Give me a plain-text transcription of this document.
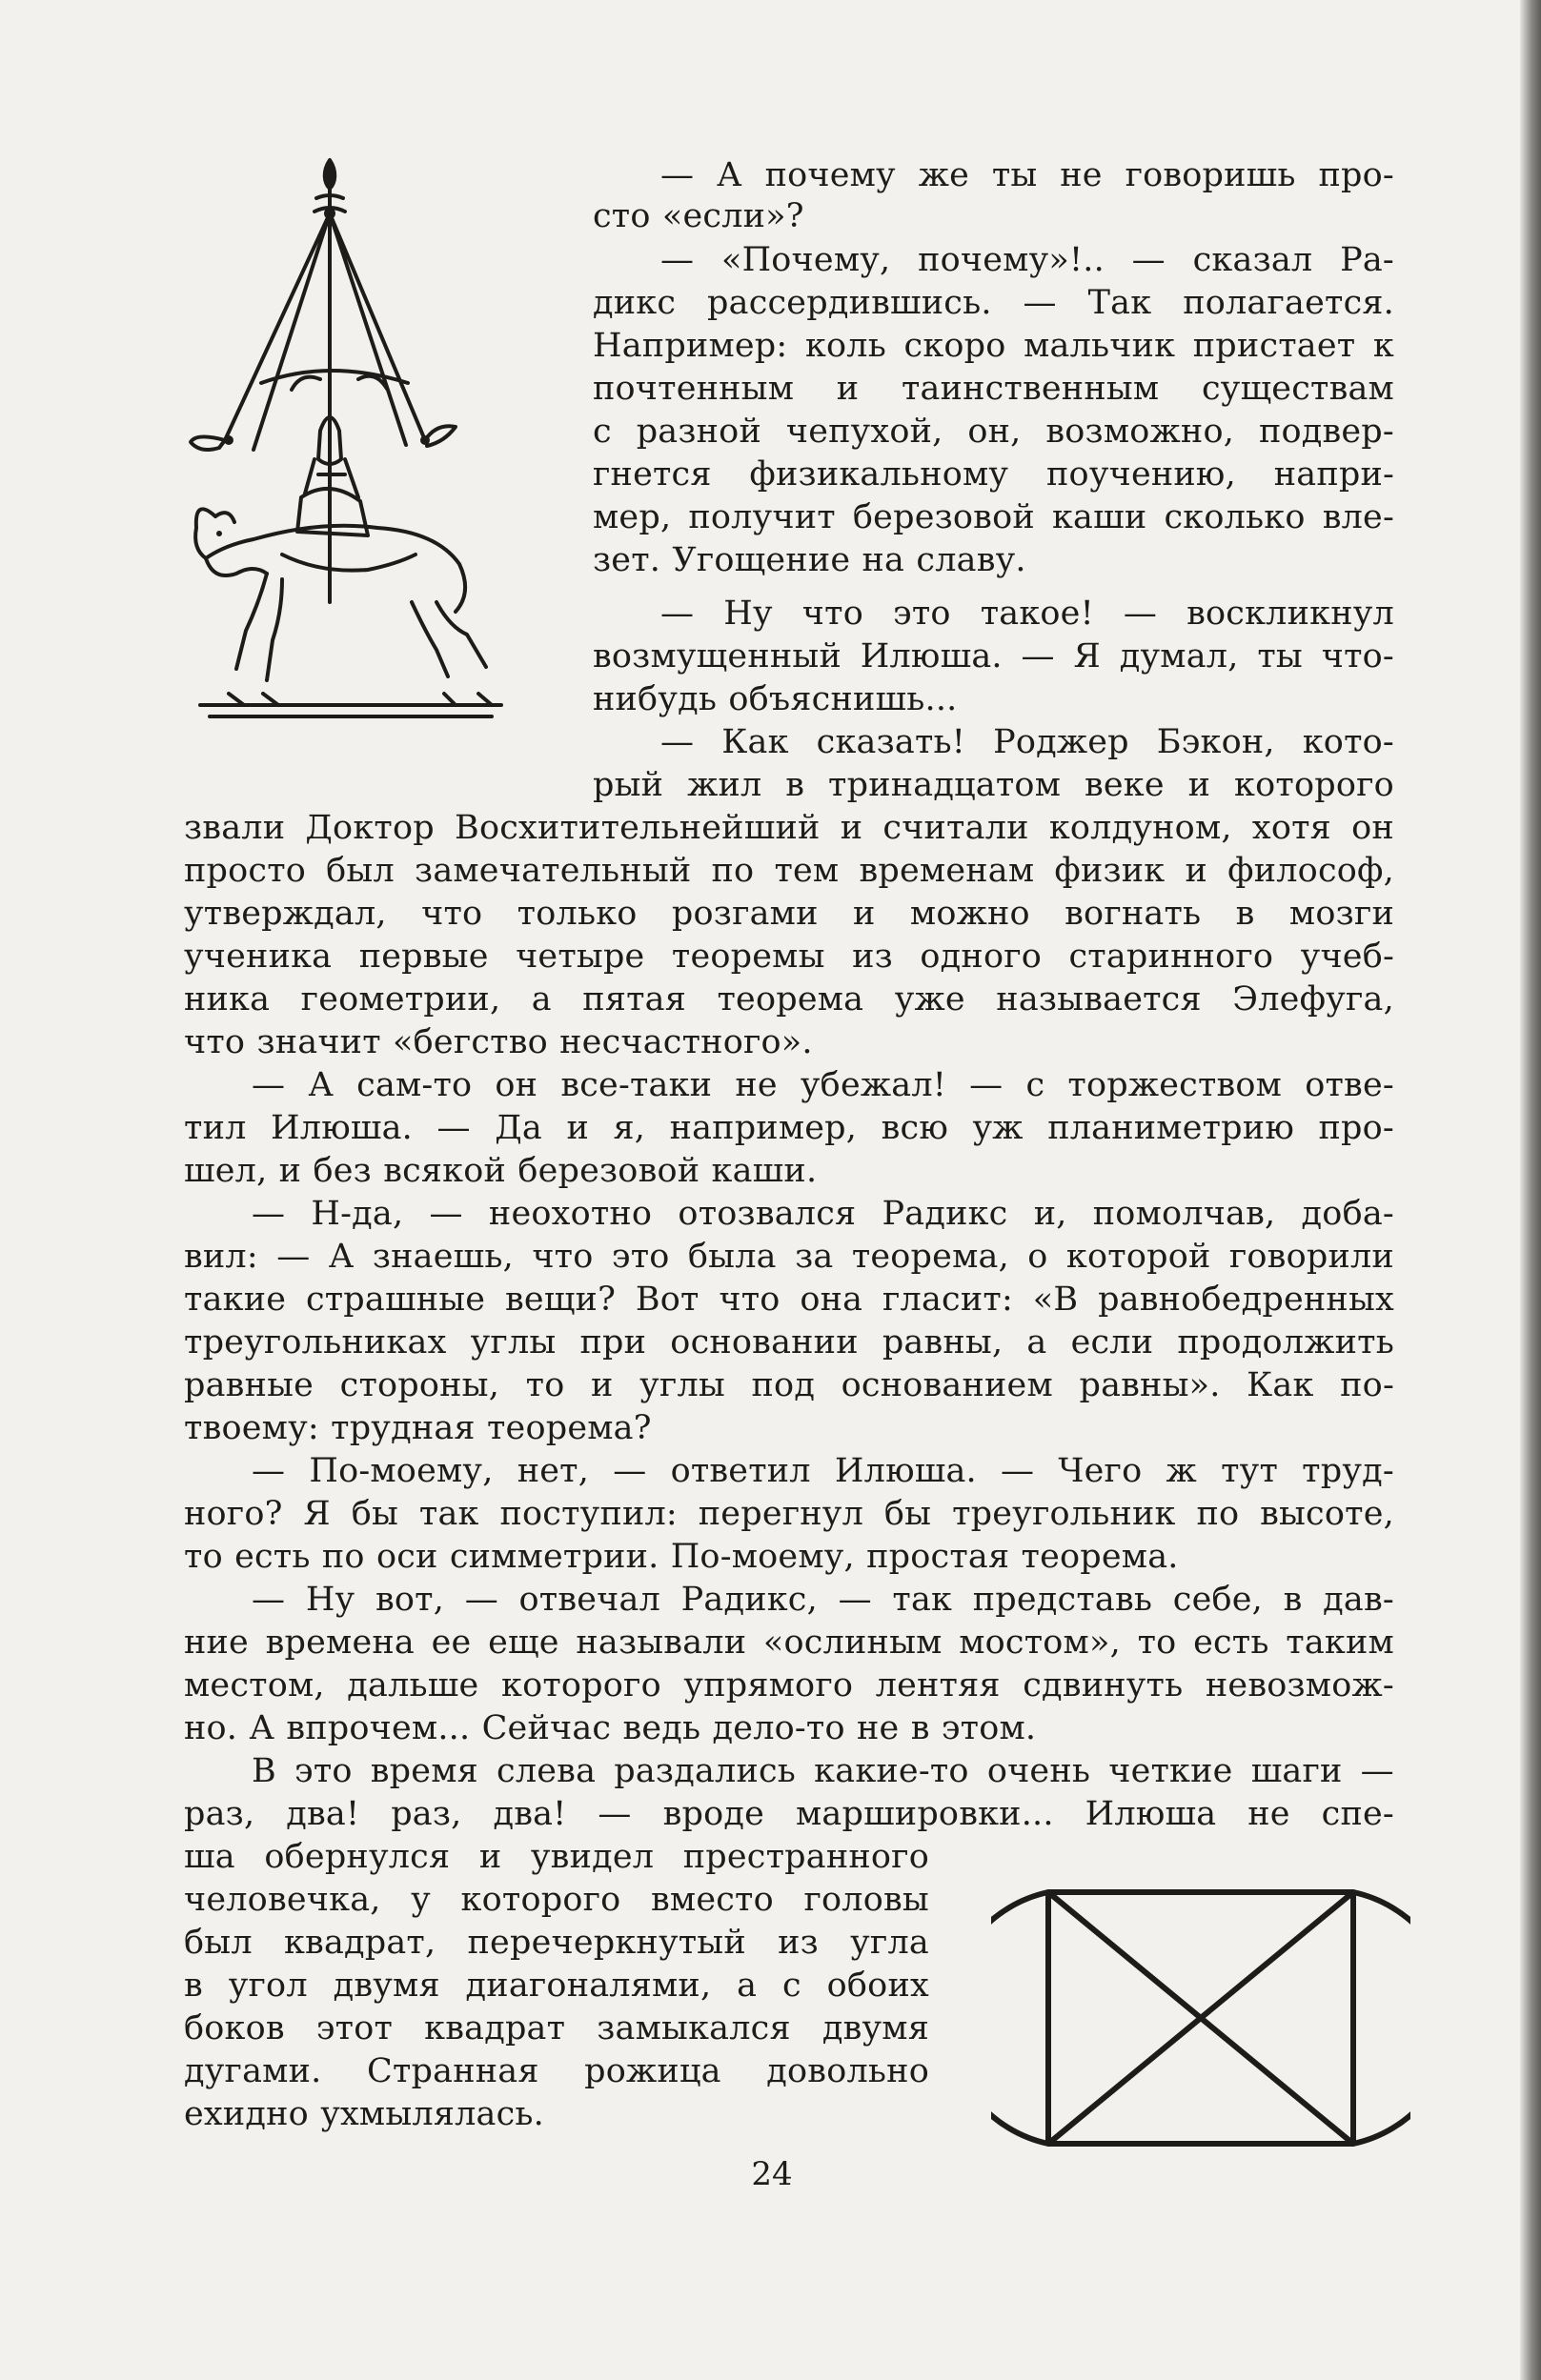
— А почему же ты не говоришь про-
сто «если»?
— «Почему, почему»!.. — сказал Ра-
дикс рассердившись. — Так полагается.
Например: коль скоро мальчик пристает к
почтенным и таинственным существам
с разной чепухой, он, возможно, подвер-
гнется физикальному поучению, напри-
мер, получит березовой каши сколько вле-
зет. Угощение на славу.
— Ну что это такое! — воскликнул
возмущенный Илюша. — Я думал, ты что-
нибудь объяснишь...
— Как сказать! Роджер Бэкон, кото-
рый жил в тринадцатом веке и которого
звали Доктор Восхитительнейший и считали колдуном, хотя он
просто был замечательный по тем временам физик и философ,
утверждал, что только розгами и можно вогнать в мозги
ученика первые четыре теоремы из одного старинного учеб-
ника геометрии, а пятая теорема уже называется Элефуга,
что значит «бегство несчастного».
— А сам-то он все-таки не убежал! — с торжеством отве-
тил Илюша. — Да и я, например, всю уж планиметрию про-
шел, и без всякой березовой каши.
— Н-да, — неохотно отозвался Радикс и, помолчав, доба-
вил: — А знаешь, что это была за теорема, о которой говорили
такие страшные вещи? Вот что она гласит: «В равнобедренных
треугольниках углы при основании равны, а если продолжить
равные стороны, то и углы под основанием равны». Как по-
твоему: трудная теорема?
— По-моему, нет, — ответил Илюша. — Чего ж тут труд-
ного? Я бы так поступил: перегнул бы треугольник по высоте,
то есть по оси симметрии. По-моему, простая теорема.
— Ну вот, — отвечал Радикс, — так представь себе, в дав-
ние времена ее еще называли «ослиным мостом», то есть таким
местом, дальше которого упрямого лентяя сдвинуть невозмож-
но. А впрочем... Сейчас ведь дело-то не в этом.
В это время слева раздались какие-то очень четкие шаги —
раз, два! раз, два! — вроде маршировки... Илюша не спе-
ша обернулся и увидел престранного
человечка, у которого вместо головы
был квадрат, перечеркнутый из угла
в угол двумя диагоналями, а с обоих
боков этот квадрат замыкался двумя
дугами. Странная рожица довольно
ехидно ухмылялась.
24
